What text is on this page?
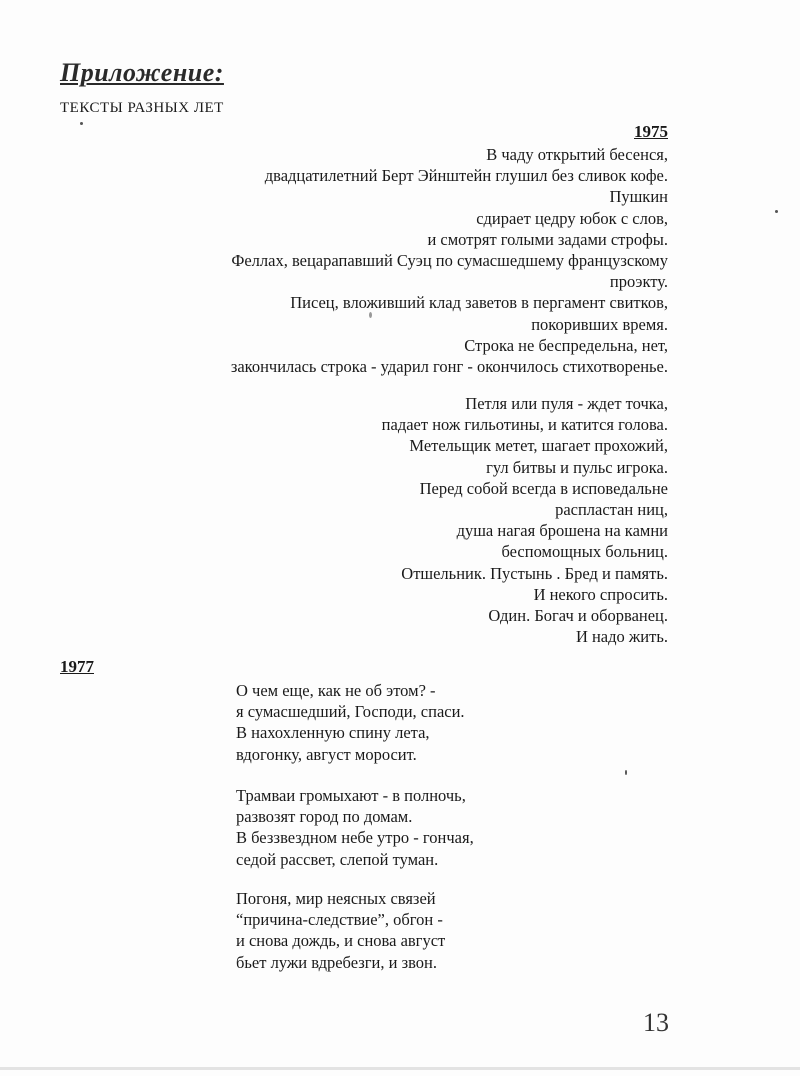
Приложение:
ТЕКСТЫ РАЗНЫХ ЛЕТ
1975
В чаду открытий бесенся,
двадцатилетний Берт Эйнштейн глушил без сливок кофе.
Пушкин
сдирает цедру юбок с слов,
и смотрят голыми задами строфы.
Феллах, вецарапавший Суэц по сумасшедшему французскому
проэкту.
Писец, вложивший клад заветов в пергамент свитков,
покоривших время.
Строка не беспредельна, нет,
закончилась строка - ударил гонг - окончилось стихотворенье.
Петля или пуля - ждет точка,
падает нож гильотины, и катится голова.
Метельщик метет, шагает прохожий,
гул битвы и пульс игрока.
Перед собой всегда в исповедальне
распластан ниц,
душа нагая брошена на камни
беспомощных больниц.
Отшельник. Пустынь . Бред и память.
И некого спросить.
Один. Богач и оборванец.
И надо жить.
1977
О чем еще, как не об этом? -
я сумасшедший, Господи, спаси.
В нахохленную спину лета,
вдогонку, август моросит.
Трамваи громыхают - в полночь,
развозят город по домам.
В беззвездном небе утро - гончая,
седой рассвет, слепой туман.
Погоня, мир неясных связей
“причина-следствие”, обгон -
и снова дождь, и снова август
бьет лужи вдребезги, и звон.
13
